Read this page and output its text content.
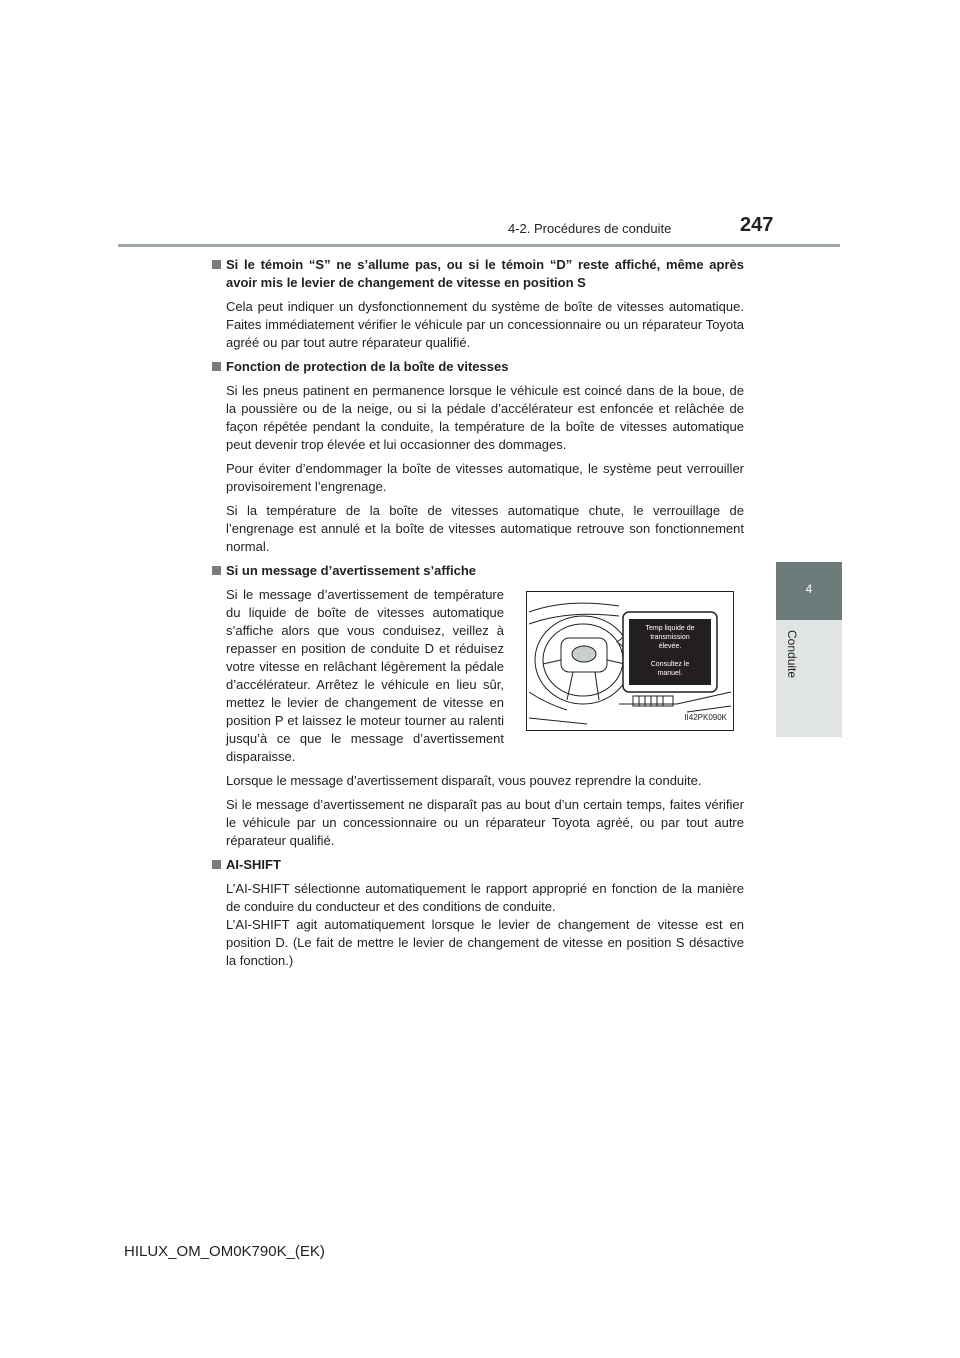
4-2. Procédures de conduite	247
4
Conduite

Si le témoin “S” ne s’allume pas, ou si le témoin “D” reste affiché, même après avoir mis le levier de changement de vitesse en position S

Cela peut indiquer un dysfonctionnement du système de boîte de vitesses automatique. Faites immédiatement vérifier le véhicule par un concessionnaire ou un réparateur Toyota agréé ou par tout autre réparateur qualifié.

Fonction de protection de la boîte de vitesses

Si les pneus patinent en permanence lorsque le véhicule est coincé dans de la boue, de la poussière ou de la neige, ou si la pédale d’accélérateur est enfoncée et relâchée de façon répétée pendant la conduite, la température de la boîte de vitesses automatique peut devenir trop élevée et lui occasionner des dommages.

Pour éviter d’endommager la boîte de vitesses automatique, le système peut verrouiller provisoirement l’engrenage.

Si la température de la boîte de vitesses automatique chute, le verrouillage de l’engrenage est annulé et la boîte de vitesses automatique retrouve son fonctionnement normal.

Si un message d’avertissement s’affiche

Si le message d’avertissement de température du liquide de boîte de vitesses automatique s’affiche alors que vous conduisez, veillez à repasser en position de conduite D et réduisez votre vitesse en relâchant légèrement la pédale d’accélérateur. Arrêtez le véhicule en lieu sûr, mettez le levier de changement de vitesse en position P et laissez le moteur tourner au ralenti jusqu’à ce que le message d’avertissement disparaisse.

Temp liquide de
transmission
élevée.
Consultez le
manuel.
II42PK090K

Lorsque le message d’avertissement disparaît, vous pouvez reprendre la conduite.

Si le message d’avertissement ne disparaît pas au bout d’un certain temps, faites vérifier le véhicule par un concessionnaire ou un réparateur Toyota agréé, ou par tout autre réparateur qualifié.

AI-SHIFT

L’AI-SHIFT sélectionne automatiquement le rapport approprié en fonction de la manière de conduire du conducteur et des conditions de conduite.
L’AI-SHIFT agit automatiquement lorsque le levier de changement de vitesse est en position D. (Le fait de mettre le levier de changement de vitesse en position S désactive la fonction.)

HILUX_OM_OM0K790K_(EK)
